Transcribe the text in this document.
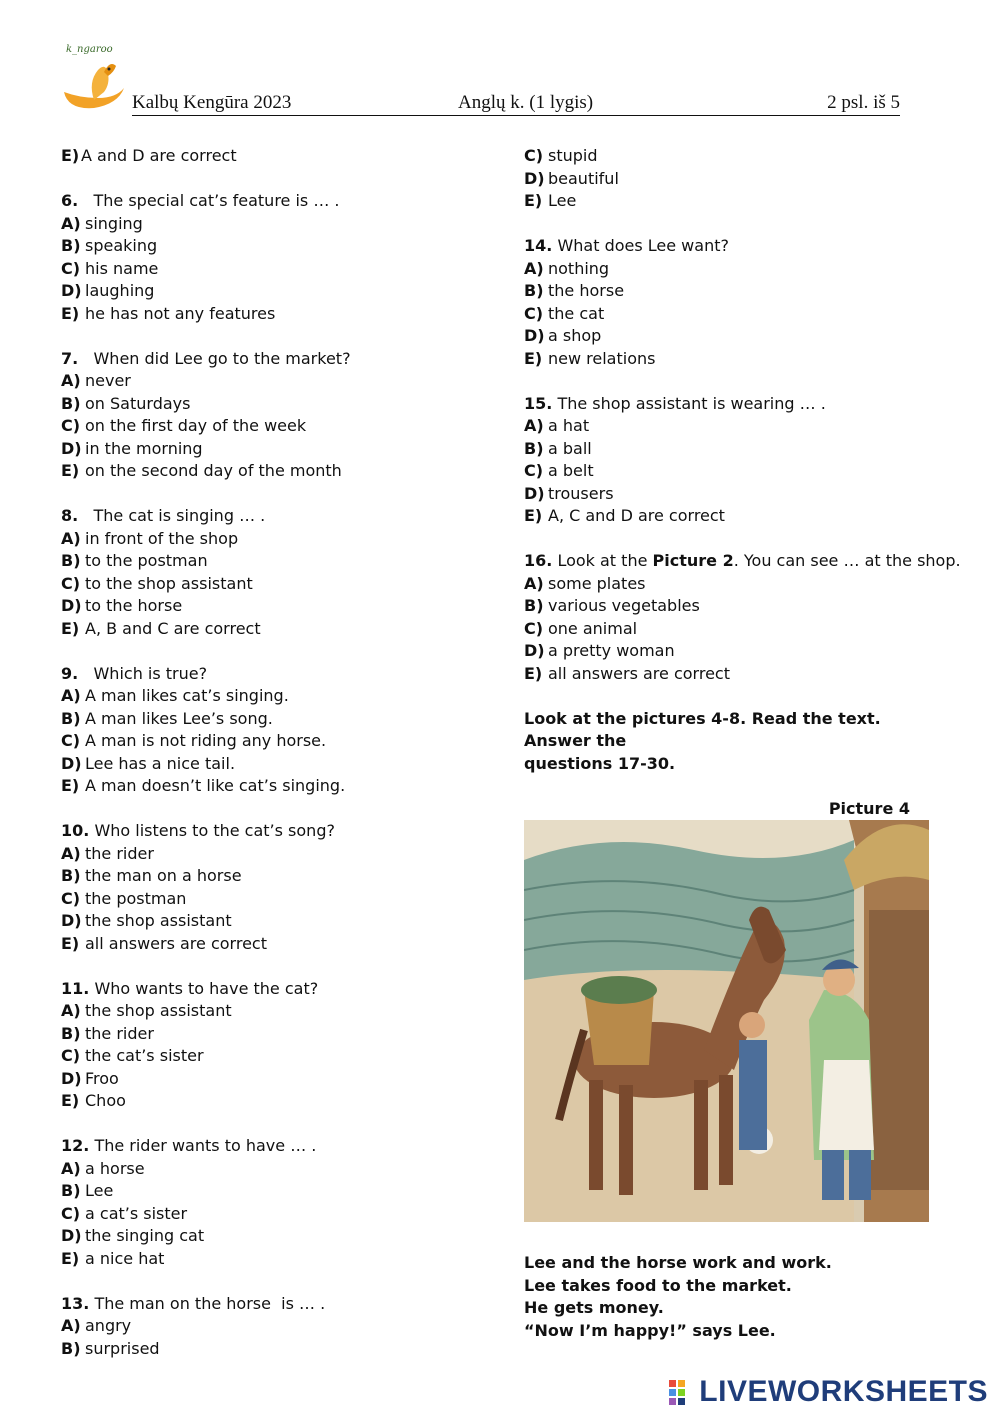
k_ngaroo
Kalbų Kengūra 2023	Anglų k. (1 lygis)	2 psl. iš 5
E) A and D are correct
6. The special cat’s feature is … .
A) singing
B) speaking
C) his name
D) laughing
E) he has not any features
7. When did Lee go to the market?
A) never
B) on Saturdays
C) on the first day of the week
D) in the morning
E) on the second day of the month
8. The cat is singing … .
A) in front of the shop
B) to the postman
C) to the shop assistant
D) to the horse
E) A, B and C are correct
9. Which is true?
A) A man likes cat’s singing.
B) A man likes Lee’s song.
C) A man is not riding any horse.
D) Lee has a nice tail.
E) A man doesn’t like cat’s singing.
10. Who listens to the cat’s song?
A) the rider
B) the man on a horse
C) the postman
D) the shop assistant
E) all answers are correct
11. Who wants to have the cat?
A) the shop assistant
B) the rider
C) the cat’s sister
D) Froo
E) Choo
12. The rider wants to have … .
A) a horse
B) Lee
C) a cat’s sister
D) the singing cat
E) a nice hat
13. The man on the horse  is … .
A) angry
B) surprised
C) stupid
D) beautiful
E) Lee
14. What does Lee want?
A) nothing
B) the horse
C) the cat
D) a shop
E) new relations
15. The shop assistant is wearing … .
A) a hat
B) a ball
C) a belt
D) trousers
E) A, C and D are correct
16. Look at the Picture 2. You can see … at the shop.
A) some plates
B) various vegetables
C) one animal
D) a pretty woman
E) all answers are correct
Look at the pictures 4-8. Read the text. Answer the
questions 17-30.
Picture 4
Lee and the horse work and work.
Lee takes food to the market.
He gets money.
“Now I’m happy!” says Lee.
LIVEWORKSHEETS
